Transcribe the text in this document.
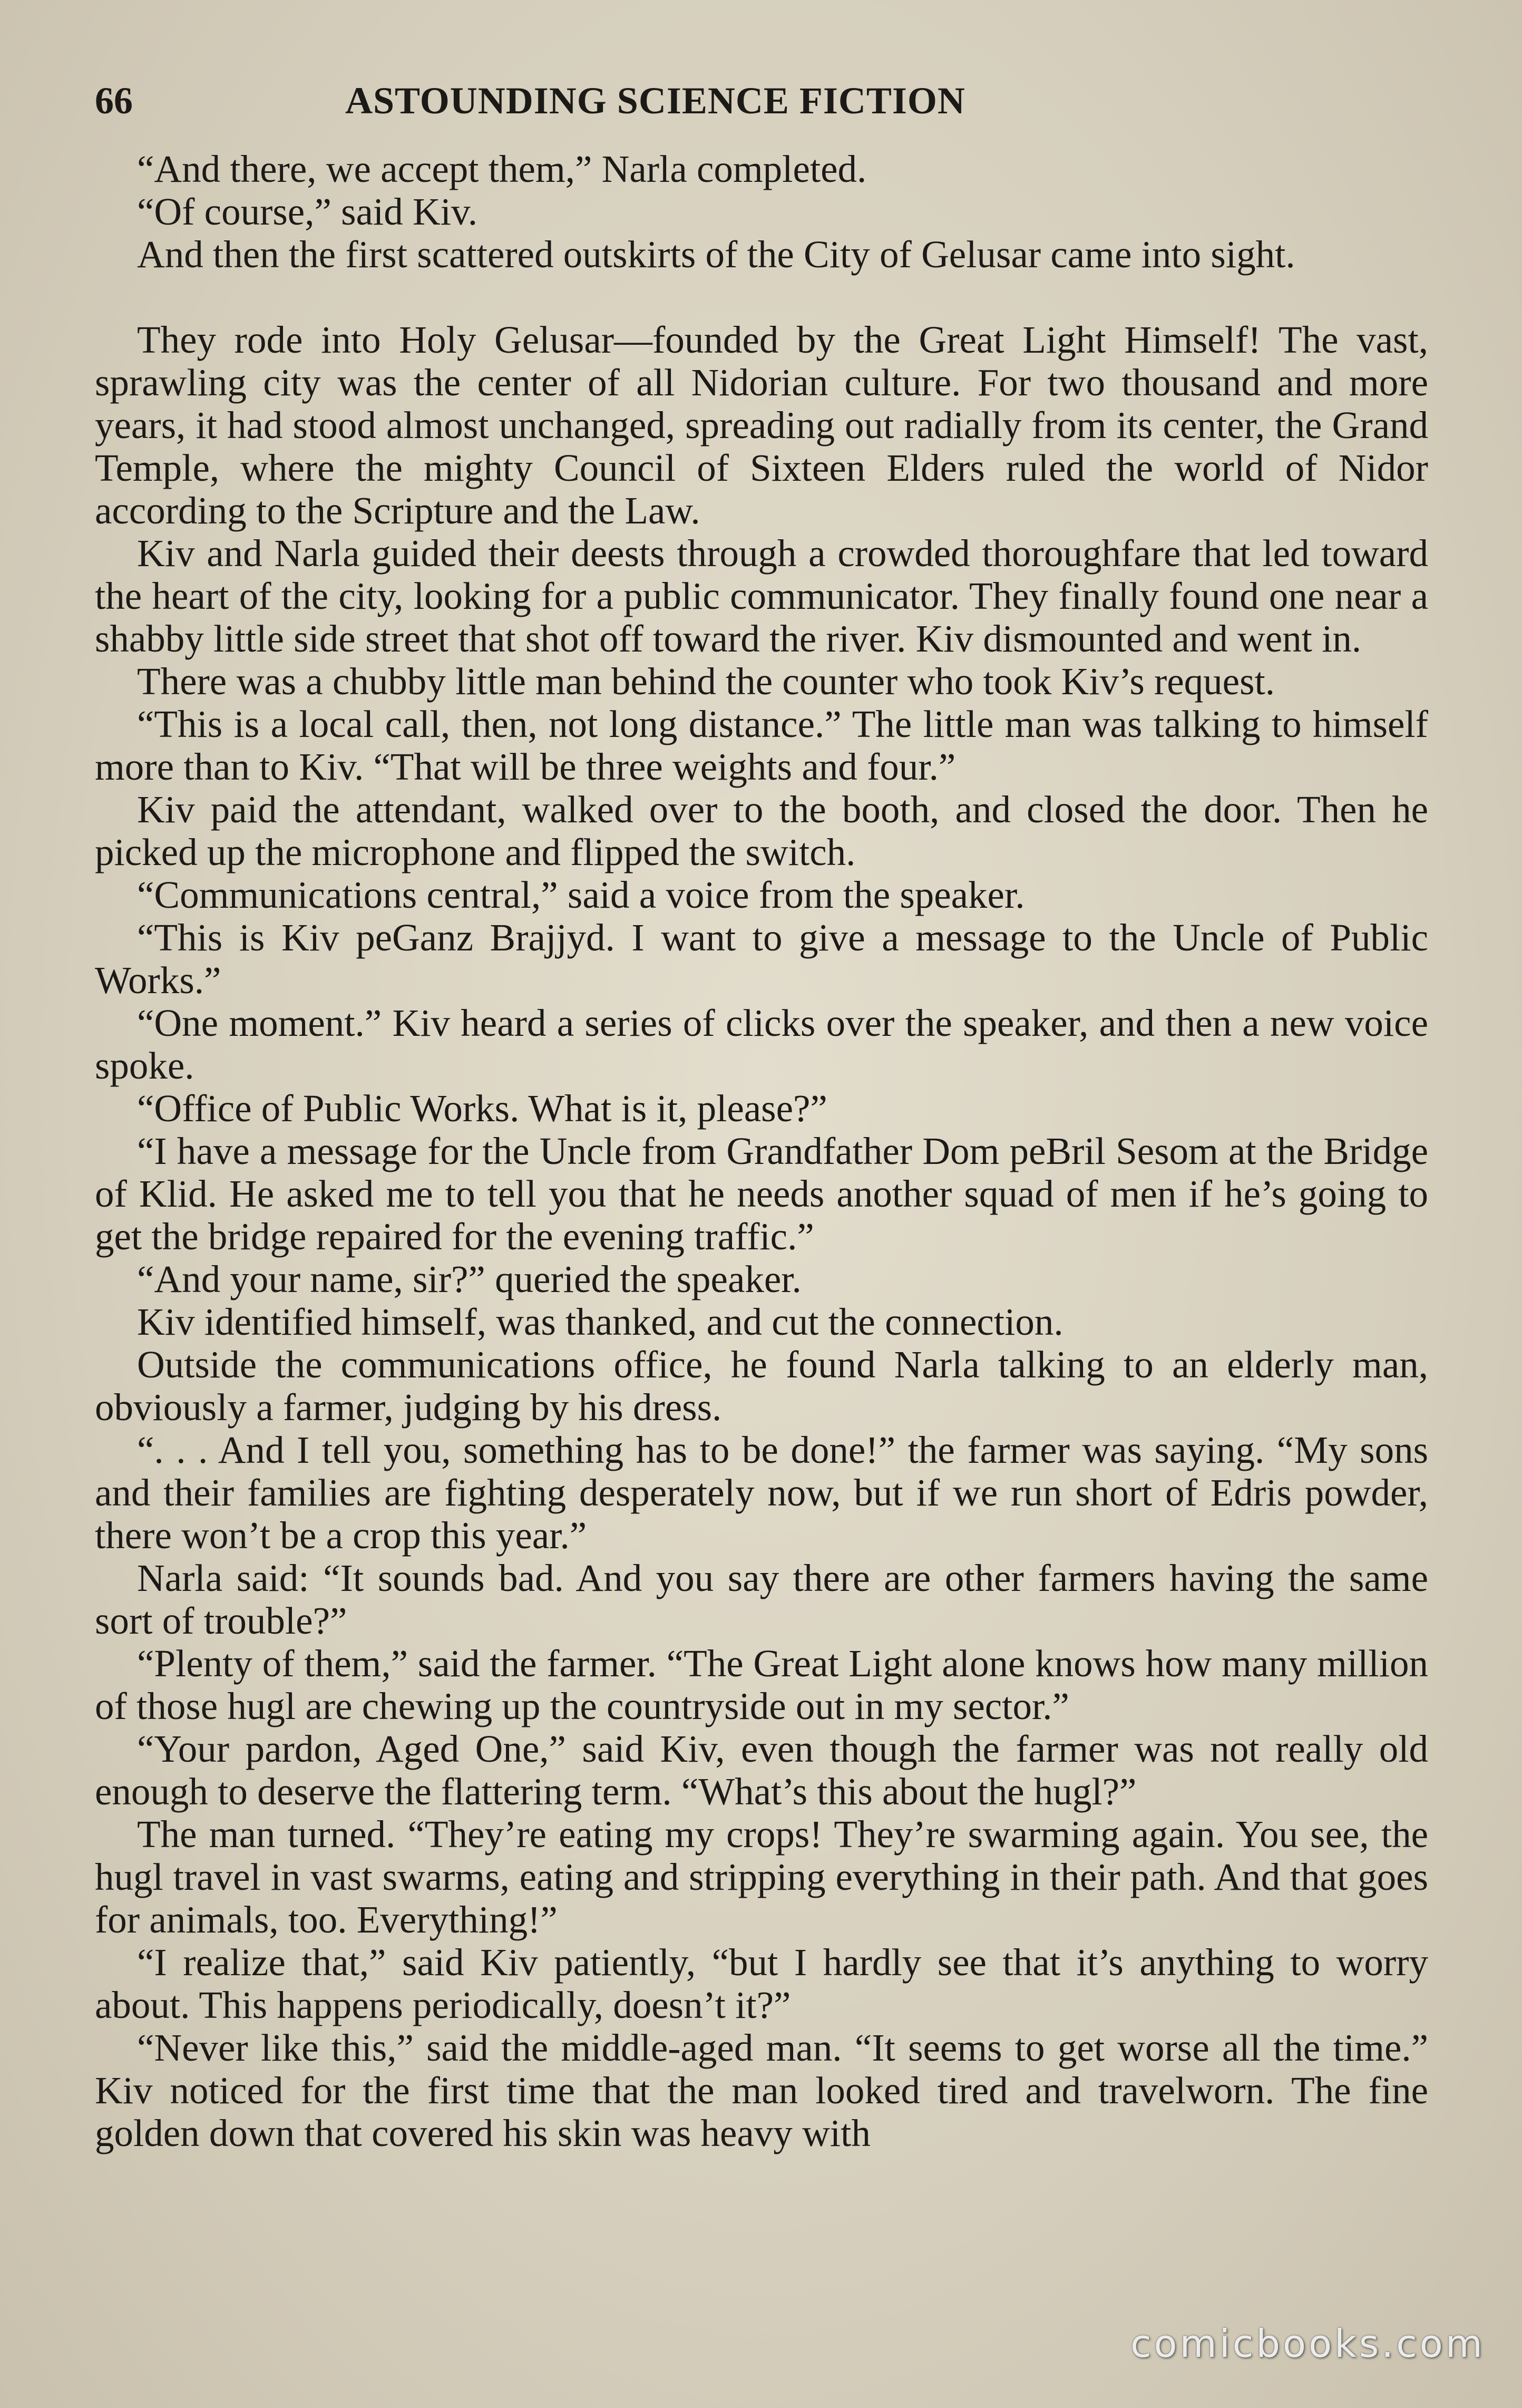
66	ASTOUNDING SCIENCE FICTION

“And there, we accept them,” Narla completed.

“Of course,” said Kiv.

And then the first scattered outskirts of the City of Gelusar came into sight.

They rode into Holy Gelusar—founded by the Great Light Himself! The vast, sprawling city was the center of all Nidorian culture. For two thousand and more years, it had stood almost unchanged, spreading out radially from its center, the Grand Temple, where the mighty Council of Sixteen Elders ruled the world of Nidor according to the Scripture and the Law.

Kiv and Narla guided their deests through a crowded thoroughfare that led toward the heart of the city, looking for a public communicator. They finally found one near a shabby little side street that shot off toward the river. Kiv dismounted and went in.

There was a chubby little man behind the counter who took Kiv’s request.

“This is a local call, then, not long distance.” The little man was talking to himself more than to Kiv. “That will be three weights and four.”

Kiv paid the attendant, walked over to the booth, and closed the door. Then he picked up the microphone and flipped the switch.

“Communications central,” said a voice from the speaker.

“This is Kiv peGanz Brajjyd. I want to give a message to the Uncle of Public Works.”

“One moment.” Kiv heard a series of clicks over the speaker, and then a new voice spoke.

“Office of Public Works. What is it, please?”

“I have a message for the Uncle from Grandfather Dom peBril Sesom at the Bridge of Klid. He asked me to tell you that he needs another squad of men if he’s going to get the bridge repaired for the evening traffic.”

“And your name, sir?” queried the speaker.

Kiv identified himself, was thanked, and cut the connection.

Outside the communications office, he found Narla talking to an elderly man, obviously a farmer, judging by his dress.

“. . . And I tell you, something has to be done!” the farmer was saying. “My sons and their families are fighting desperately now, but if we run short of Edris powder, there won’t be a crop this year.”

Narla said: “It sounds bad. And you say there are other farmers having the same sort of trouble?”

“Plenty of them,” said the farmer. “The Great Light alone knows how many million of those hugl are chewing up the countryside out in my sector.”

“Your pardon, Aged One,” said Kiv, even though the farmer was not really old enough to deserve the flattering term. “What’s this about the hugl?”

The man turned. “They’re eating my crops! They’re swarming again. You see, the hugl travel in vast swarms, eating and stripping everything in their path. And that goes for animals, too. Everything!”

“I realize that,” said Kiv patiently, “but I hardly see that it’s anything to worry about. This happens periodically, doesn’t it?”

“Never like this,” said the middle-aged man. “It seems to get worse all the time.” Kiv noticed for the first time that the man looked tired and travelworn. The fine golden down that covered his skin was heavy with

comicbooks.com
